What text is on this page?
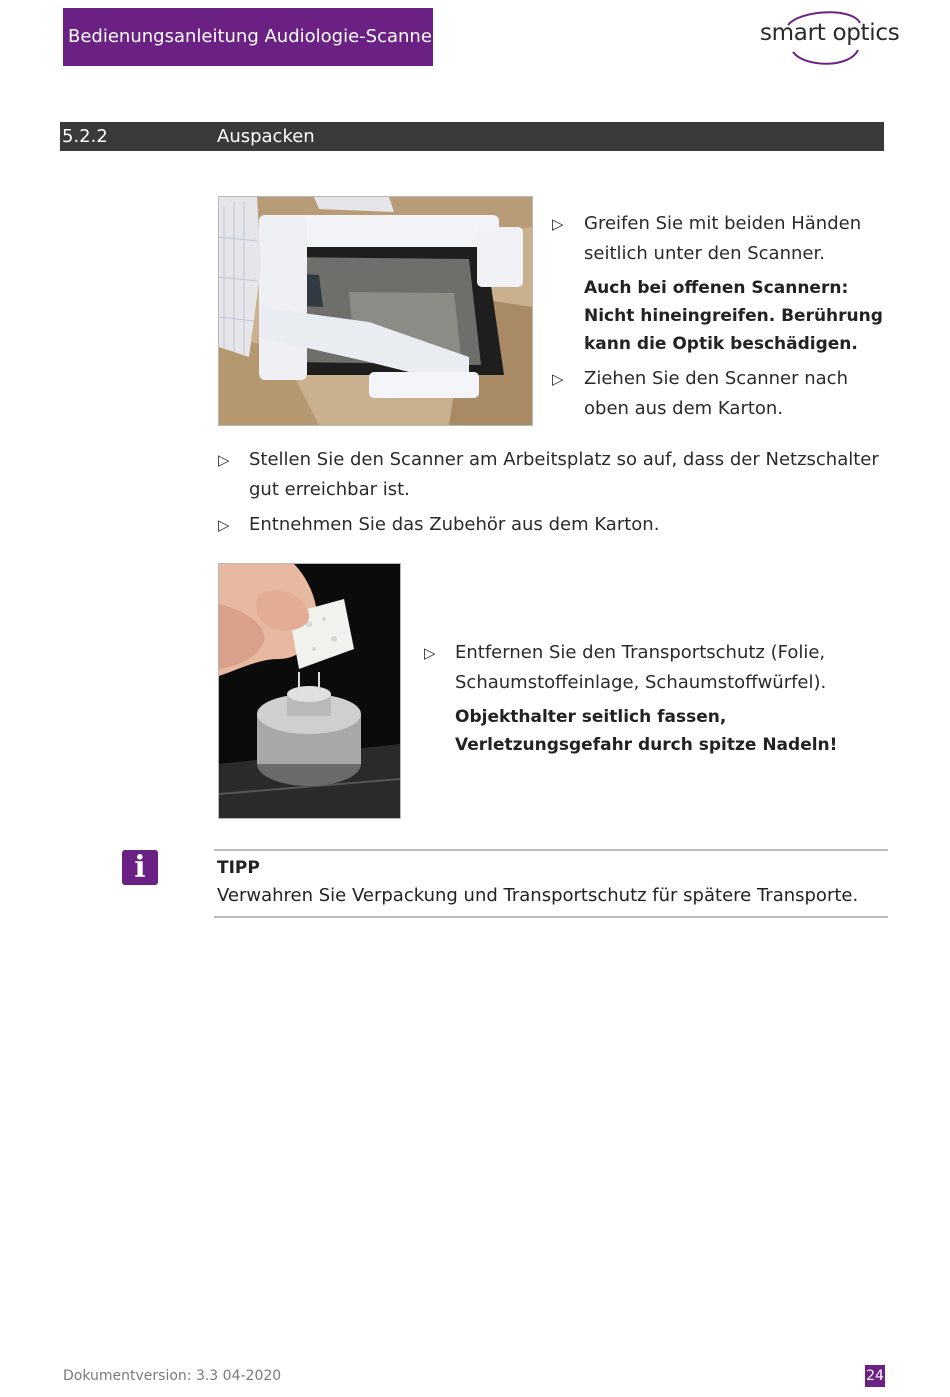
Bedienungsanleitung Audiologie-Scanner	smart optics
5.2.2	Auspacken
▷	Greifen Sie mit beiden Händen seitlich unter den Scanner.
Auch bei offenen Scannern: Nicht hineingreifen. Berührung kann die Optik beschädigen.
▷	Ziehen Sie den Scanner nach oben aus dem Karton.
▷	Stellen Sie den Scanner am Arbeitsplatz so auf, dass der Netzschalter gut erreichbar ist.
▷	Entnehmen Sie das Zubehör aus dem Karton.
▷	Entfernen Sie den Transportschutz (Folie, Schaumstoffeinlage, Schaumstoffwürfel).
Objekthalter seitlich fassen, Verletzungsgefahr durch spitze Nadeln!
i	TIPP
Verwahren Sie Verpackung und Transportschutz für spätere Transporte.
Dokumentversion: 3.3 04-2020	24
